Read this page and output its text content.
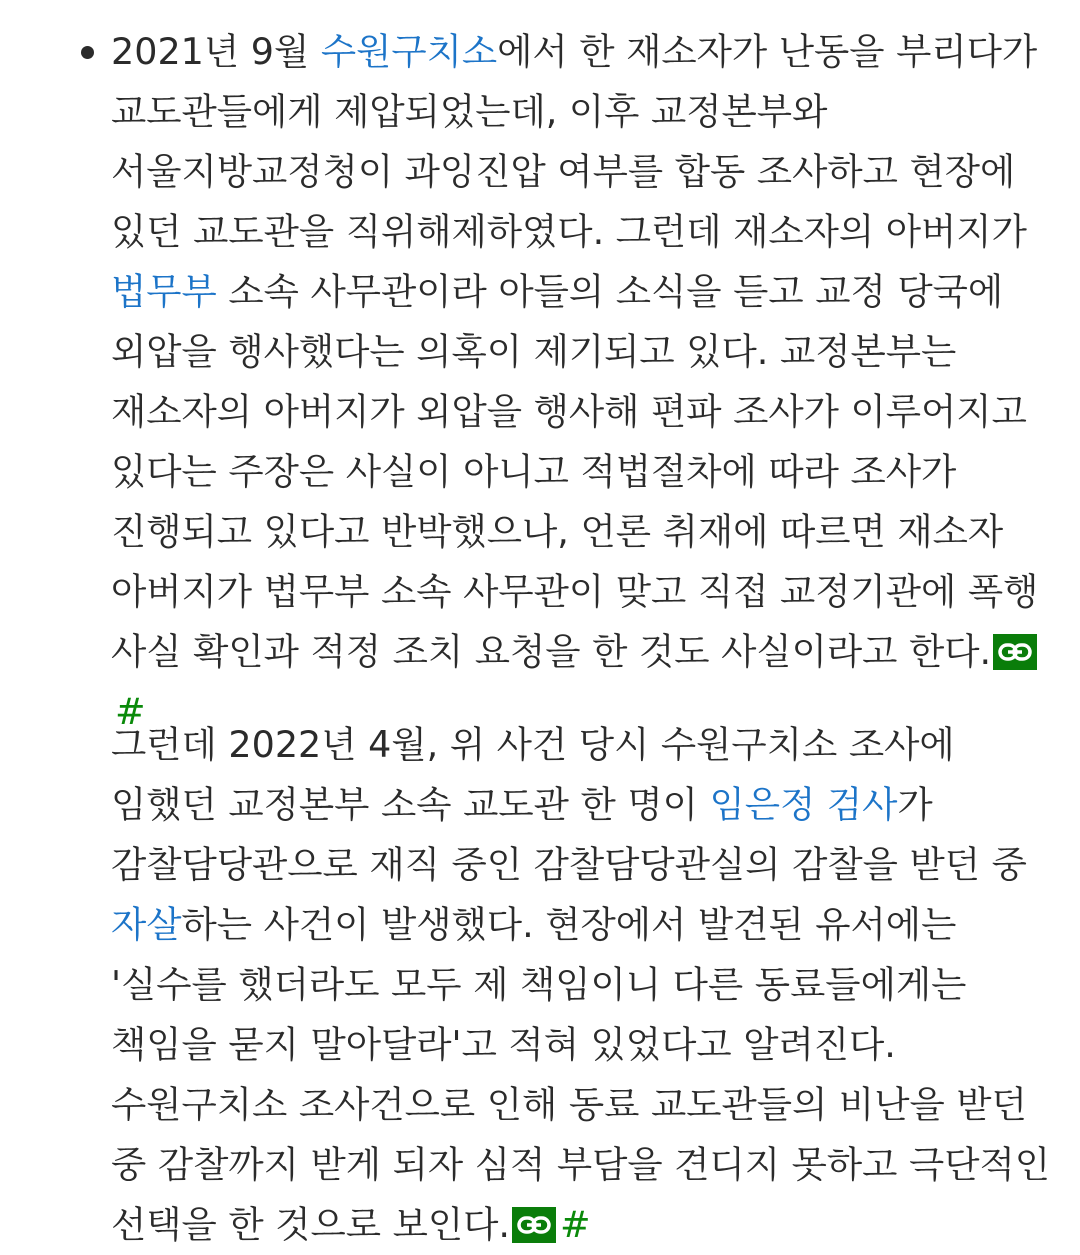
2021년 9월 수원구치소에서 한 재소자가 난동을 부리다가 교도관들에게 제압되었는데, 이후 교정본부와 서울지방교정청이 과잉진압 여부를 합동 조사하고 현장에 있던 교도관을 직위해제하였다. 그런데 재소자의 아버지가 법무부 소속 사무관이라 아들의 소식을 듣고 교정 당국에 외압을 행사했다는 의혹이 제기되고 있다. 교정본부는 재소자의 아버지가 외압을 행사해 편파 조사가 이루어지고 있다는 주장은 사실이 아니고 적법절차에 따라 조사가 진행되고 있다고 반박했으나, 언론 취재에 따르면 재소자 아버지가 법무부 소속 사무관이 맞고 직접 교정기관에 폭행 사실 확인과 적정 조치 요청을 한 것도 사실이라고 한다.
#

그런데 2022년 4월, 위 사건 당시 수원구치소 조사에 임했던 교정본부 소속 교도관 한 명이 임은정 검사가 감찰담당관으로 재직 중인 감찰담당관실의 감찰을 받던 중 자살하는 사건이 발생했다. 현장에서 발견된 유서에는 '실수를 했더라도 모두 제 책임이니 다른 동료들에게는 책임을 묻지 말아달라'고 적혀 있었다고 알려진다. 수원구치소 조사건으로 인해 동료 교도관들의 비난을 받던 중 감찰까지 받게 되자 심적 부담을 견디지 못하고 극단적인 선택을 한 것으로 보인다. #
